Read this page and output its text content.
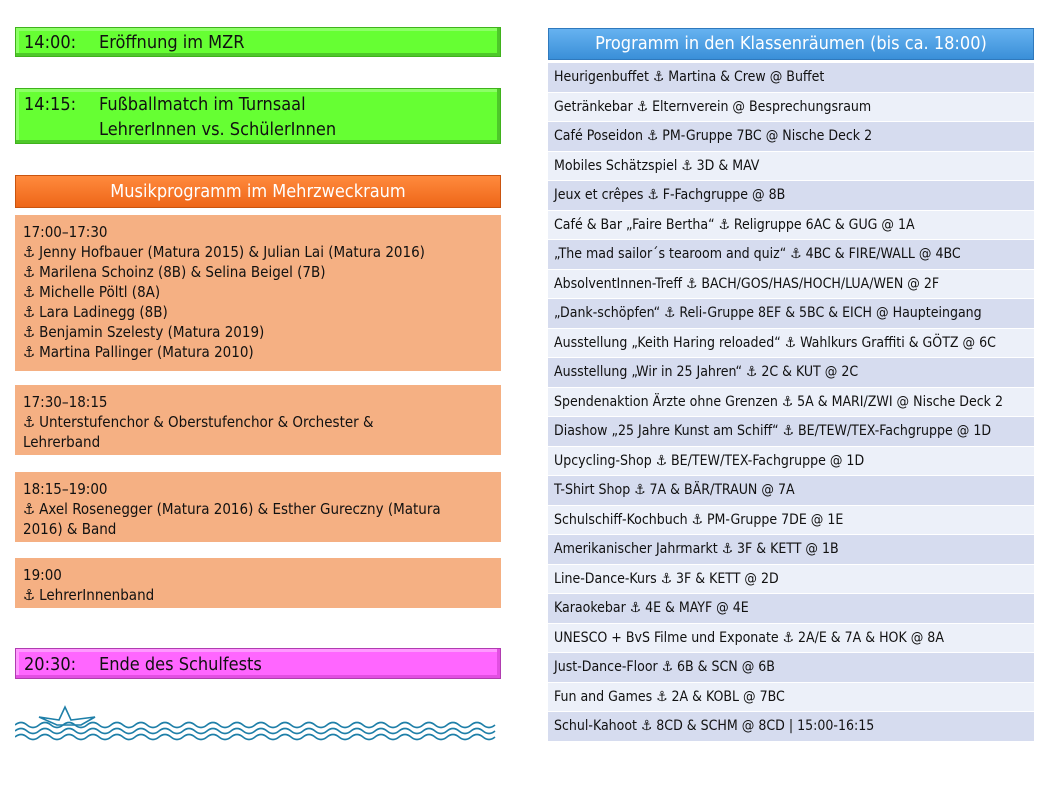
14:00: Eröffnung im MZR
14:15: Fußballmatch im Turnsaal
LehrerInnen vs. SchülerInnen
Musikprogramm im Mehrzweckraum
17:00–17:30
⚓ Jenny Hofbauer (Matura 2015) & Julian Lai (Matura 2016)
⚓ Marilena Schoinz (8B) & Selina Beigel (7B)
⚓ Michelle Pöltl (8A)
⚓ Lara Ladinegg (8B)
⚓ Benjamin Szelesty (Matura 2019)
⚓ Martina Pallinger (Matura 2010)
17:30–18:15
⚓ Unterstufenchor & Oberstufenchor & Orchester &
Lehrerband
18:15–19:00
⚓ Axel Rosenegger (Matura 2016) & Esther Gureczny (Matura
2016) & Band
19:00
⚓ LehrerInnenband
20:30: Ende des Schulfests
Programm in den Klassenräumen (bis ca. 18:00)
Heurigenbuffet ⚓ Martina & Crew @ Buffet
Getränkebar ⚓ Elternverein @ Besprechungsraum
Café Poseidon ⚓ PM-Gruppe 7BC @ Nische Deck 2
Mobiles Schätzspiel ⚓ 3D & MAV
Jeux et crêpes ⚓ F-Fachgruppe @ 8B
Café & Bar „Faire Bertha“ ⚓ Religruppe 6AC & GUG @ 1A
„The mad sailor´s tearoom and quiz“ ⚓ 4BC & FIRE/WALL @ 4BC
AbsolventInnen-Treff ⚓ BACH/GOS/HAS/HOCH/LUA/WEN @ 2F
„Dank-schöpfen“ ⚓ Reli-Gruppe 8EF & 5BC & EICH @ Haupteingang
Ausstellung „Keith Haring reloaded“ ⚓ Wahlkurs Graffiti & GÖTZ @ 6C
Ausstellung „Wir in 25 Jahren“ ⚓ 2C & KUT @ 2C
Spendenaktion Ärzte ohne Grenzen ⚓ 5A & MARI/ZWI @ Nische Deck 2
Diashow „25 Jahre Kunst am Schiff“ ⚓ BE/TEW/TEX-Fachgruppe @ 1D
Upcycling-Shop ⚓ BE/TEW/TEX-Fachgruppe @ 1D
T-Shirt Shop ⚓ 7A & BÄR/TRAUN @ 7A
Schulschiff-Kochbuch ⚓ PM-Gruppe 7DE @ 1E
Amerikanischer Jahrmarkt ⚓ 3F & KETT @ 1B
Line-Dance-Kurs ⚓ 3F & KETT @ 2D
Karaokebar ⚓ 4E & MAYF @ 4E
UNESCO + BvS Filme und Exponate ⚓ 2A/E & 7A & HOK @ 8A
Just-Dance-Floor ⚓ 6B & SCN @ 6B
Fun and Games ⚓ 2A & KOBL @ 7BC
Schul-Kahoot ⚓ 8CD & SCHM @ 8CD | 15:00-16:15
